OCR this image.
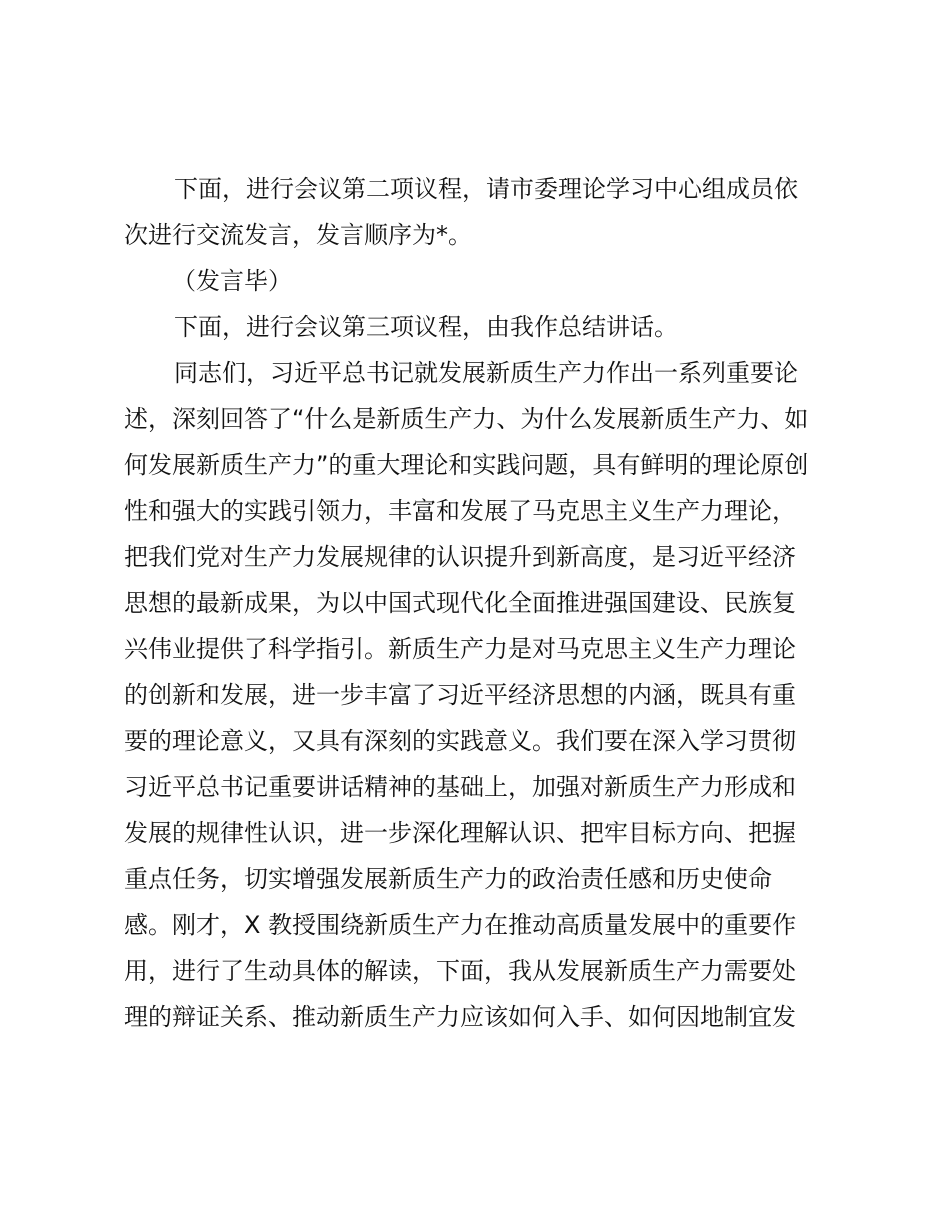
下面，进行会议第二项议程，请市委理论学习中心组成员依
次进行交流发言，发言顺序为*。
（发言毕）
下面，进行会议第三项议程，由我作总结讲话。
同志们，习近平总书记就发展新质生产力作出一系列重要论
述，深刻回答了“什么是新质生产力、为什么发展新质生产力、如
何发展新质生产力”的重大理论和实践问题，具有鲜明的理论原创
性和强大的实践引领力，丰富和发展了马克思主义生产力理论，
把我们党对生产力发展规律的认识提升到新高度，是习近平经济
思想的最新成果，为以中国式现代化全面推进强国建设、民族复
兴伟业提供了科学指引。新质生产力是对马克思主义生产力理论
的创新和发展，进一步丰富了习近平经济思想的内涵，既具有重
要的理论意义，又具有深刻的实践意义。我们要在深入学习贯彻
习近平总书记重要讲话精神的基础上，加强对新质生产力形成和
发展的规律性认识，进一步深化理解认识、把牢目标方向、把握
重点任务，切实增强发展新质生产力的政治责任感和历史使命
感。刚才，X 教授围绕新质生产力在推动高质量发展中的重要作
用，进行了生动具体的解读，下面，我从发展新质生产力需要处
理的辩证关系、推动新质生产力应该如何入手、如何因地制宜发
